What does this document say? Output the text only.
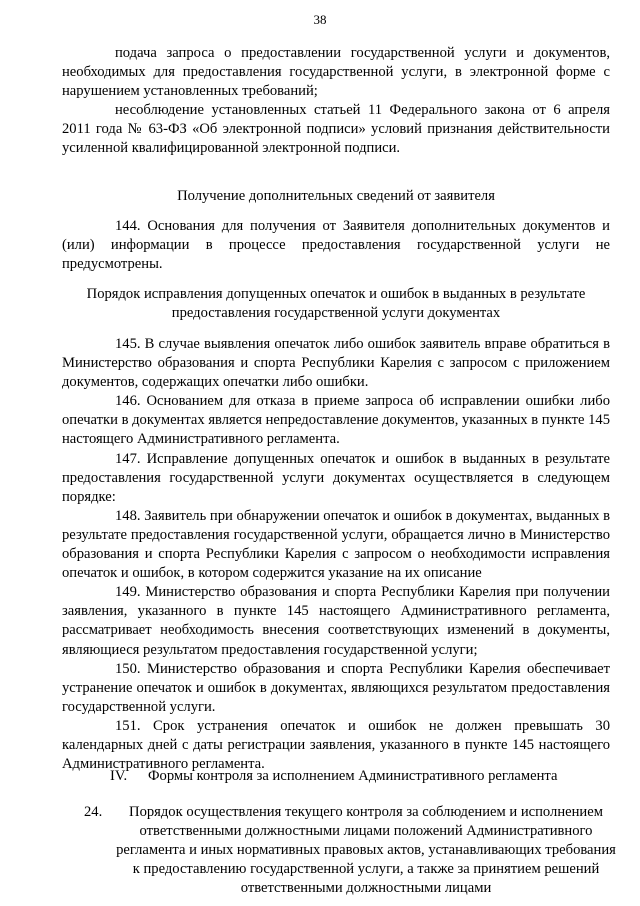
38

подача запроса о предоставлении государственной услуги и документов, необходимых для предоставления государственной услуги, в электронной форме с нарушением установленных требований;

несоблюдение установленных статьей 11 Федерального закона от 6 апреля 2011 года № 63-ФЗ «Об электронной подписи» условий признания действительности усиленной квалифицированной электронной подписи.

Получение дополнительных сведений от заявителя

144. Основания для получения от Заявителя дополнительных документов и (или) информации в процессе предоставления государственной услуги не предусмотрены.

Порядок исправления допущенных опечаток и ошибок в выданных в результате предоставления государственной услуги документах

145. В случае выявления опечаток либо ошибок заявитель вправе обратиться в Министерство образования и спорта Республики Карелия с запросом с приложением документов, содержащих опечатки либо ошибки.

146. Основанием для отказа в приеме запроса об исправлении ошибки либо опечатки в документах является непредоставление документов, указанных в пункте 145 настоящего Административного регламента.

147. Исправление допущенных опечаток и ошибок в выданных в результате предоставления государственной услуги документах осуществляется в следующем порядке:

148. Заявитель при обнаружении опечаток и ошибок в документах, выданных в результате предоставления государственной услуги, обращается лично в Министерство образования и спорта Республики Карелия с запросом о необходимости исправления опечаток и ошибок, в котором содержится указание на их описание

149. Министерство образования и спорта Республики Карелия при получении заявления, указанного в пункте 145 настоящего Административного регламента, рассматривает необходимость внесения соответствующих изменений в документы, являющиеся результатом предоставления государственной услуги;

150. Министерство образования и спорта Республики Карелия обеспечивает устранение опечаток и ошибок в документах, являющихся результатом предоставления государственной услуги.

151. Срок устранения опечаток и ошибок не должен превышать 30 календарных дней с даты регистрации заявления, указанного в пункте 145 настоящего Административного регламента.

IV. Формы контроля за исполнением Административного регламента

24. Порядок осуществления текущего контроля за соблюдением и исполнением ответственными должностными лицами положений Административного регламента и иных нормативных правовых актов, устанавливающих требования к предоставлению государственной услуги, а также за принятием решений ответственными должностными лицами
